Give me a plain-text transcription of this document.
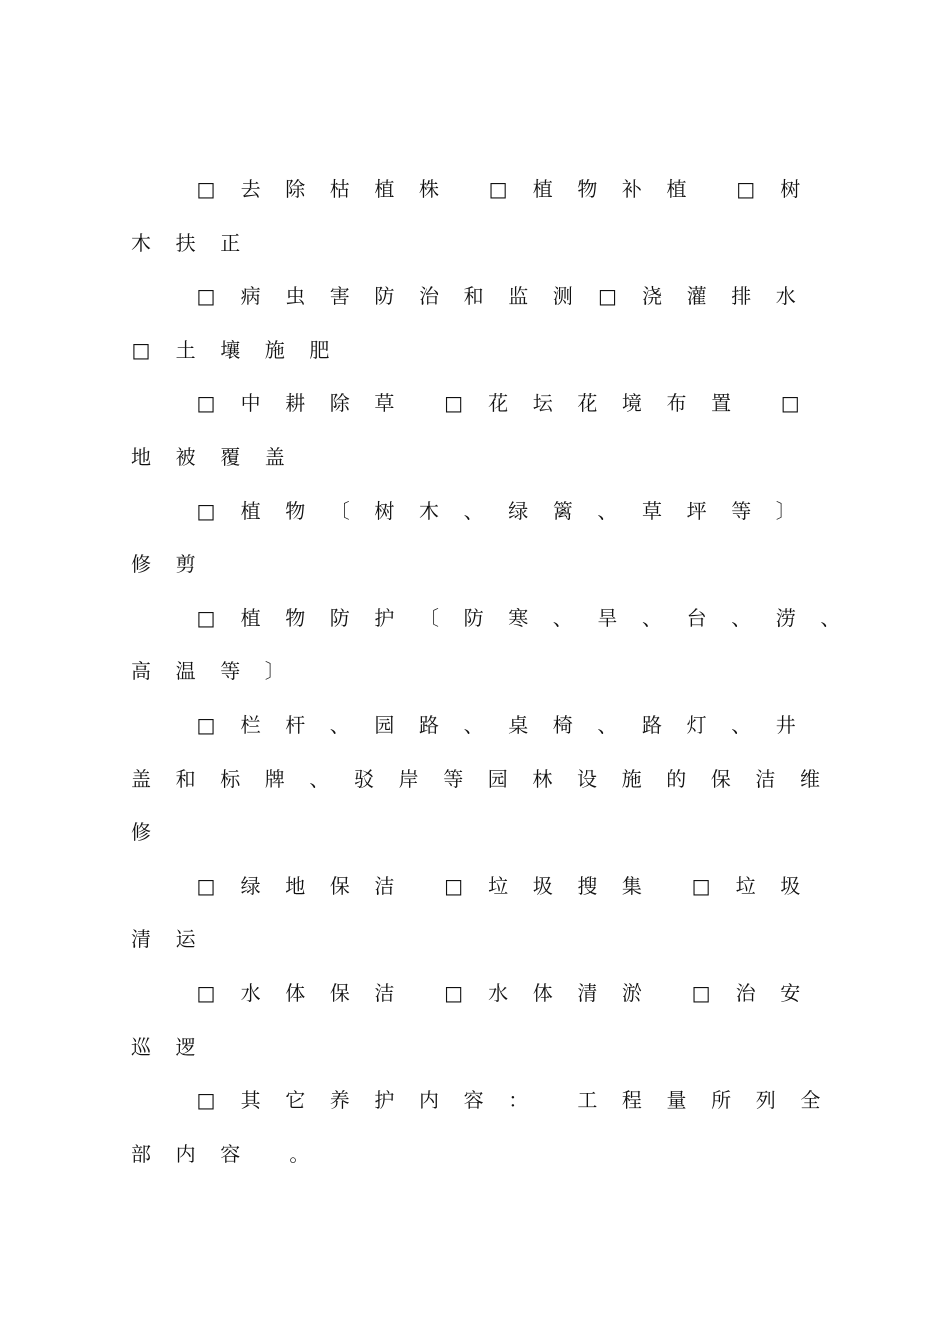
□ 去 除 枯 植 株 □ 植 物 补 植 □ 树
木 扶 正
□ 病 虫 害 防 治 和 监 测 □ 浇 灌 排 水
□ 土 壤 施 肥
□ 中 耕 除 草 □ 花 坛 花 境 布 置 □
地 被 覆 盖
□ 植 物 〔 树 木 、 绿 篱 、 草 坪 等 〕
修 剪
□ 植 物 防 护 〔 防 寒 、 旱 、 台 、 涝 、
高 温 等 〕
□ 栏 杆 、 园 路 、 桌 椅 、 路 灯 、 井
盖 和 标 牌 、 驳 岸 等 园 林 设 施 的 保 洁 维
修
□ 绿 地 保 洁 □ 垃 圾 搜 集 □ 垃 圾
清 运
□ 水 体 保 洁 □ 水 体 清 淤 □ 治 安
巡 逻
□ 其 它 养 护 内 容 ： 工 程 量 所 列 全
部 内 容 。
